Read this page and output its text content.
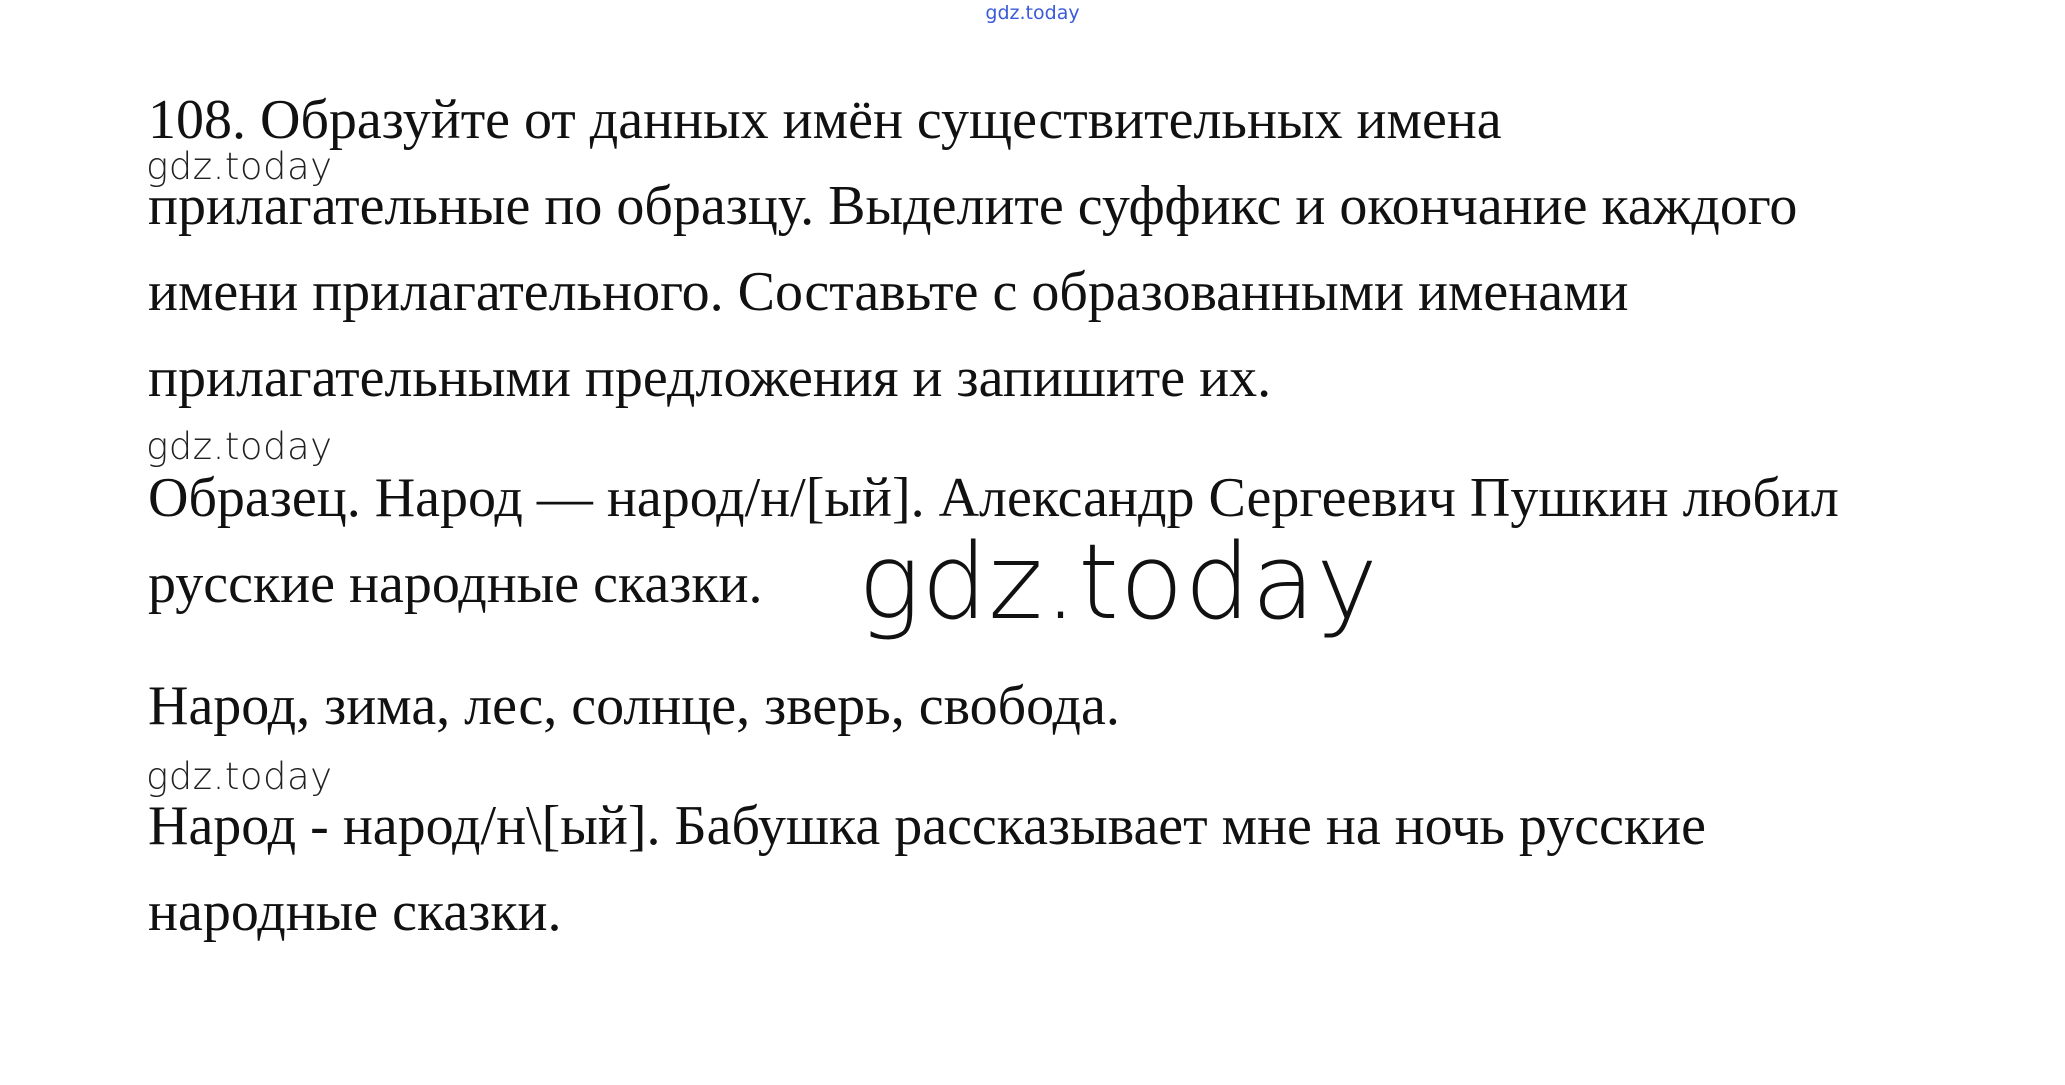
gdz.today
108. Образуйте от данных имён существительных имена
gdz.today
прилагательные по образцу. Выделите суффикс и окончание каждого
имени прилагательного. Составьте с образованными именами
прилагательными предложения и запишите их.
gdz.today
Образец. Народ — народ/н/[ый]. Александр Сергеевич Пушкин любил
русские народные сказки. gdz.today
Народ, зима, лес, солнце, зверь, свобода.
gdz.today
Народ - народ/н\[ый]. Бабушка рассказывает мне на ночь русские
народные сказки.
